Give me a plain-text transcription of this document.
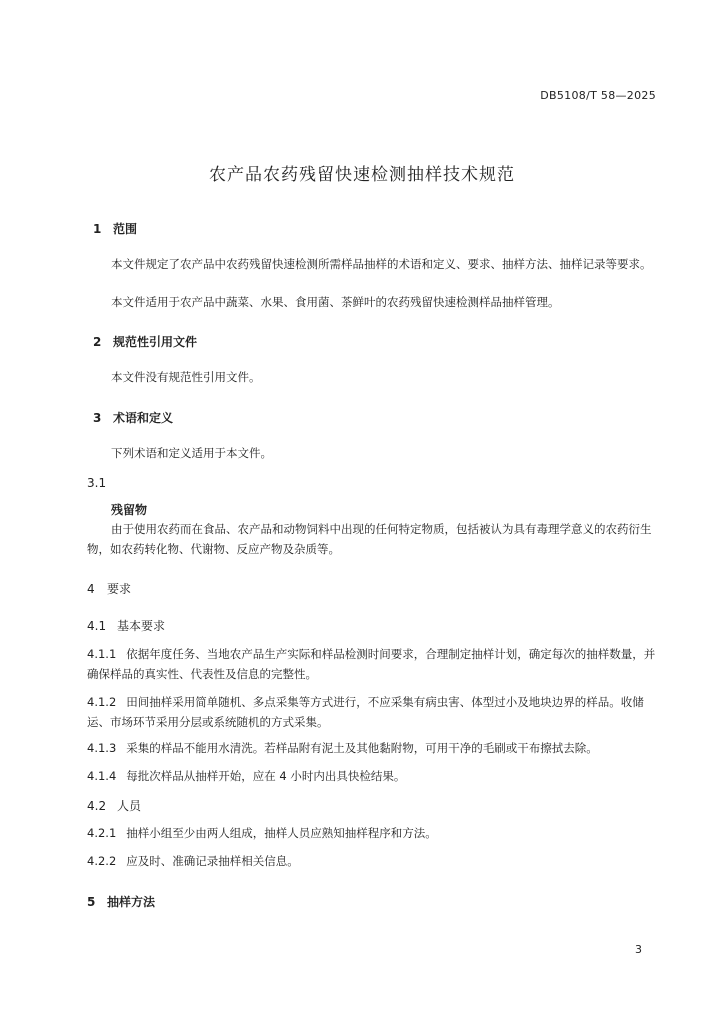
DB5108/T 58—2025
农产品农药残留快速检测抽样技术规范
1 范围

本文件规定了农产品中农药残留快速检测所需样品抽样的术语和定义、要求、抽样方法、抽样记录等要求。

本文件适用于农产品中蔬菜、水果、食用菌、茶鲜叶的农药残留快速检测样品抽样管理。

2 规范性引用文件

本文件没有规范性引用文件。

3 术语和定义

下列术语和定义适用于本文件。

3.1
残留物

由于使用农药而在食品、农产品和动物饲料中出现的任何特定物质，包括被认为具有毒理学意义的农药衍生物，如农药转化物、代谢物、反应产物及杂质等。

4 要求
4.1 基本要求

4.1.1 依据年度任务、当地农产品生产实际和样品检测时间要求，合理制定抽样计划，确定每次的抽样数量，并确保样品的真实性、代表性及信息的完整性。

4.1.2 田间抽样采用简单随机、多点采集等方式进行，不应采集有病虫害、体型过小及地块边界的样品。收储运、市场环节采用分层或系统随机的方式采集。

4.1.3 采集的样品不能用水清洗。若样品附有泥土及其他黏附物，可用干净的毛刷或干布擦拭去除。

4.1.4 每批次样品从抽样开始，应在 4 小时内出具快检结果。

4.2 人员

4.2.1 抽样小组至少由两人组成，抽样人员应熟知抽样程序和方法。

4.2.2 应及时、准确记录抽样相关信息。

5 抽样方法
3
